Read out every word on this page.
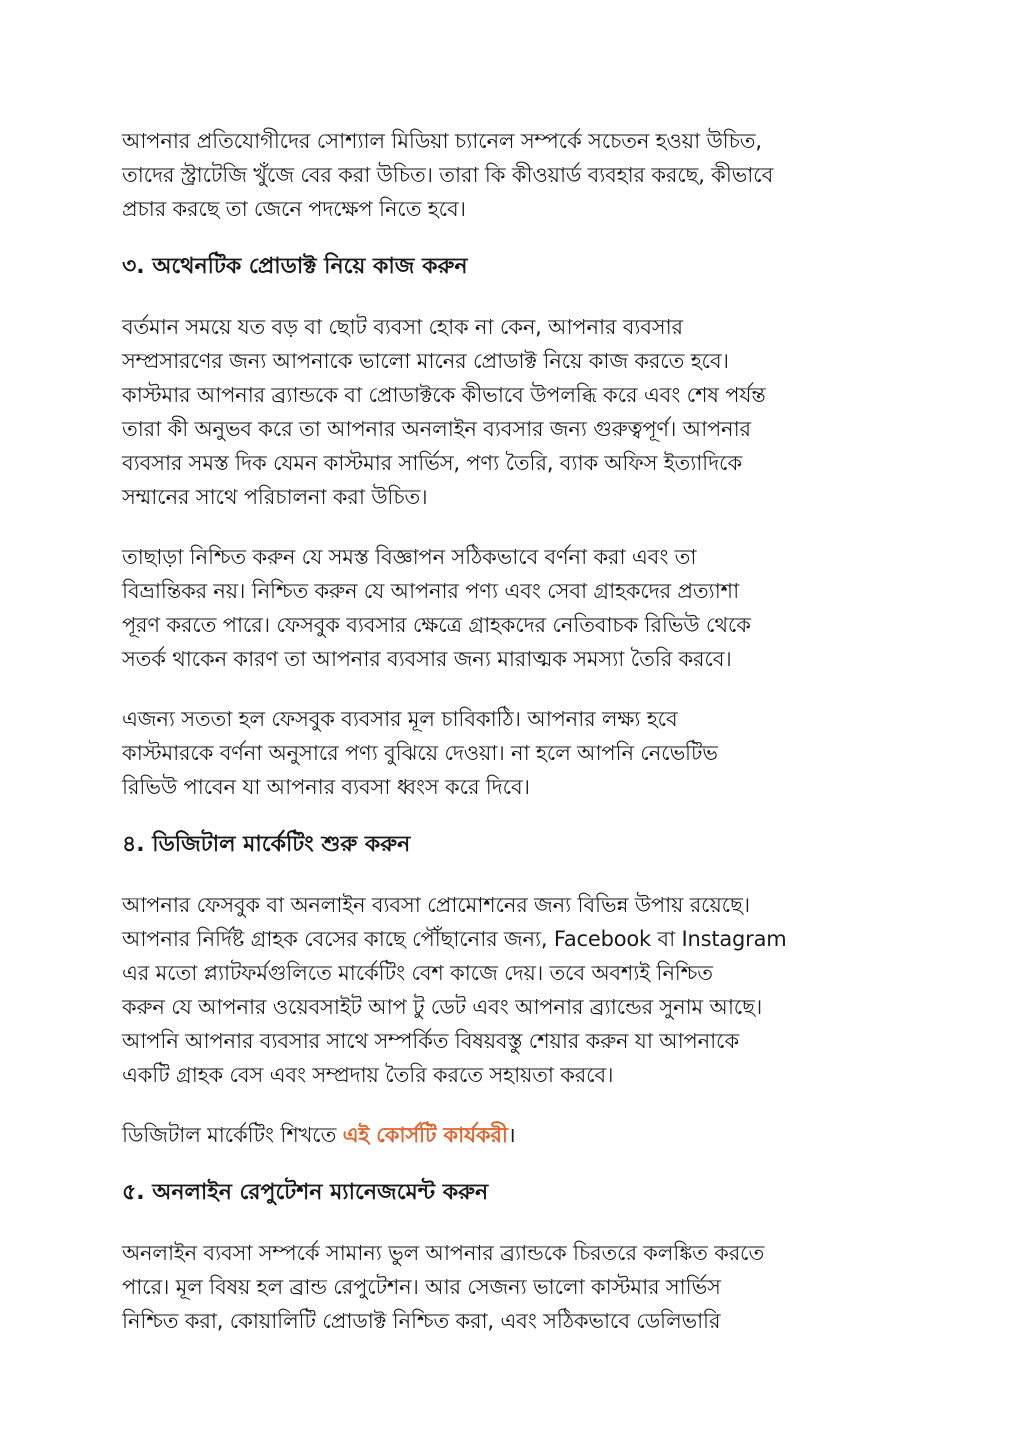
আপনার প্রতিযোগীদের সোশ্যাল মিডিয়া চ্যানেল সম্পর্কে সচেতন হওয়া উচিত,
তাদের স্ট্রাটেজি খুঁজে বের করা উচিত। তারা কি কীওয়ার্ড ব্যবহার করছে, কীভাবে
প্রচার করছে তা জেনে পদক্ষেপ নিতে হবে।

৩. অথেনটিক প্রোডাক্ট নিয়ে কাজ করুন

বর্তমান সময়ে যত বড় বা ছোট ব্যবসা হোক না কেন, আপনার ব্যবসার
সম্প্রসারণের জন্য আপনাকে ভালো মানের প্রোডাক্ট নিয়ে কাজ করতে হবে।
কাস্টমার আপনার ব্র্যান্ডকে বা প্রোডাক্টকে কীভাবে উপলব্ধি করে এবং শেষ পর্যন্ত
তারা কী অনুভব করে তা আপনার অনলাইন ব্যবসার জন্য গুরুত্বপূর্ণ। আপনার
ব্যবসার সমস্ত দিক যেমন কাস্টমার সার্ভিস, পণ্য তৈরি, ব্যাক অফিস ইত্যাদিকে
সম্মানের সাথে পরিচালনা করা উচিত।

তাছাড়া নিশ্চিত করুন যে সমস্ত বিজ্ঞাপন সঠিকভাবে বর্ণনা করা এবং তা
বিভ্রান্তিকর নয়। নিশ্চিত করুন যে আপনার পণ্য এবং সেবা গ্রাহকদের প্রত্যাশা
পূরণ করতে পারে। ফেসবুক ব্যবসার ক্ষেত্রে গ্রাহকদের নেতিবাচক রিভিউ থেকে
সতর্ক থাকেন কারণ তা আপনার ব্যবসার জন্য মারাত্মক সমস্যা তৈরি করবে।

এজন্য সততা হল ফেসবুক ব্যবসার মূল চাবিকাঠি। আপনার লক্ষ্য হবে
কাস্টমারকে বর্ণনা অনুসারে পণ্য বুঝিয়ে দেওয়া। না হলে আপনি নেভেটিভ
রিভিউ পাবেন যা আপনার ব্যবসা ধ্বংস করে দিবে।

৪. ডিজিটাল মার্কেটিং শুরু করুন

আপনার ফেসবুক বা অনলাইন ব্যবসা প্রোমোশনের জন্য বিভিন্ন উপায় রয়েছে।
আপনার নির্দিষ্ট গ্রাহক বেসের কাছে পৌঁছানোর জন্য, Facebook বা Instagram
এর মতো প্ল্যাটফর্মগুলিতে মার্কেটিং বেশ কাজে দেয়। তবে অবশ্যই নিশ্চিত
করুন যে আপনার ওয়েবসাইট আপ টু ডেট এবং আপনার ব্র্যান্ডের সুনাম আছে।
আপনি আপনার ব্যবসার সাথে সম্পর্কিত বিষয়বস্তু শেয়ার করুন যা আপনাকে
একটি গ্রাহক বেস এবং সম্প্রদায় তৈরি করতে সহায়তা করবে।

ডিজিটাল মার্কেটিং শিখতে এই কোর্সটি কার্যকরী।

৫. অনলাইন রেপুটেশন ম্যানেজমেন্ট করুন

অনলাইন ব্যবসা সম্পর্কে সামান্য ভুল আপনার ব্র্যান্ডকে চিরতরে কলঙ্কিত করতে
পারে। মূল বিষয় হল ব্রান্ড রেপুটেশন। আর সেজন্য ভালো কাস্টমার সার্ভিস
নিশ্চিত করা, কোয়ালিটি প্রোডাক্ট নিশ্চিত করা, এবং সঠিকভাবে ডেলিভারি
